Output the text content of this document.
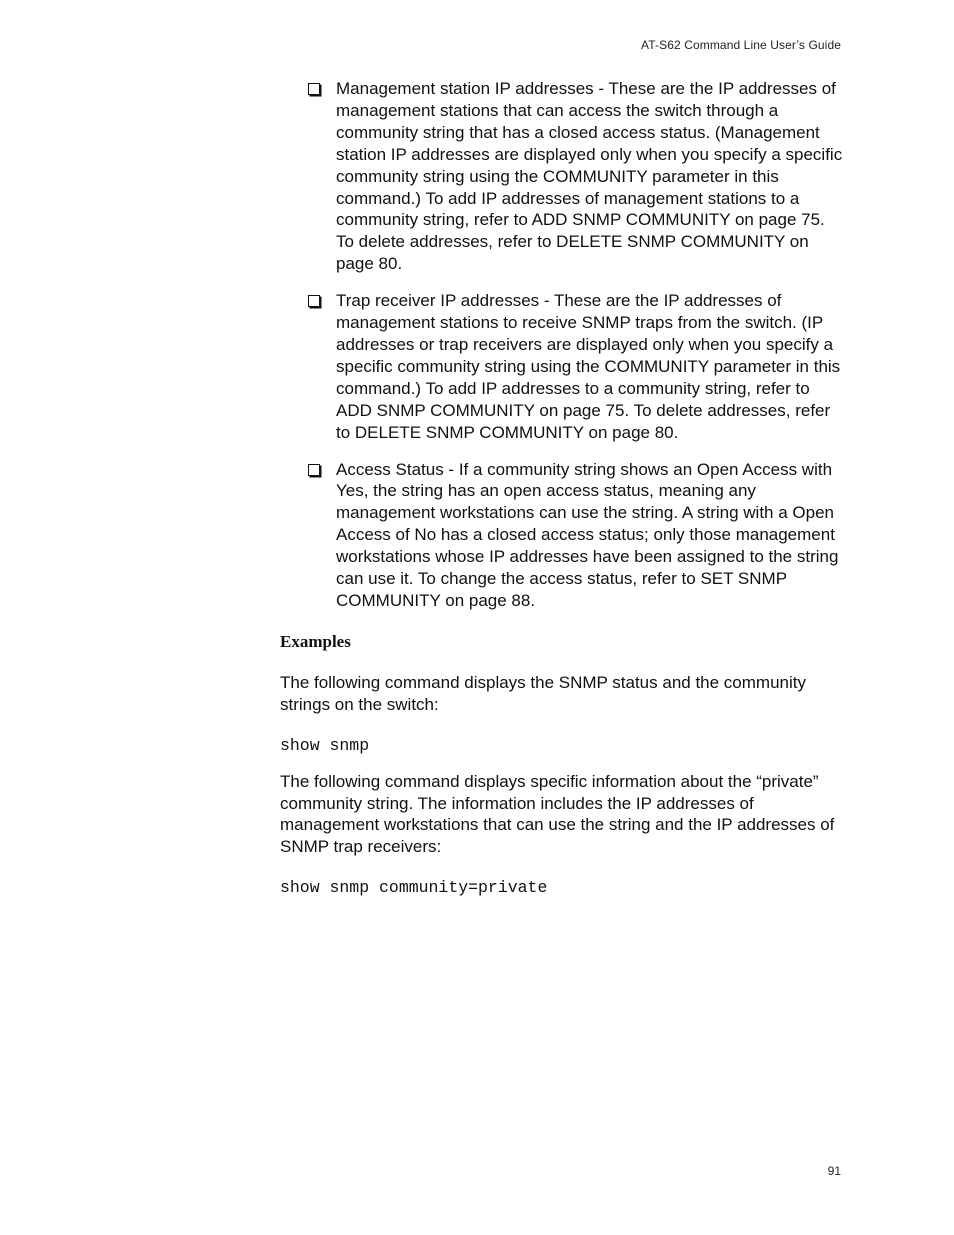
AT-S62 Command Line User’s Guide
Management station IP addresses - These are the IP addresses of management stations that can access the switch through a community string that has a closed access status. (Management station IP addresses are displayed only when you specify a specific community string using the COMMUNITY parameter in this command.) To add IP addresses of management stations to a community string, refer to ADD SNMP COMMUNITY on page 75. To delete addresses, refer to DELETE SNMP COMMUNITY on page 80.
Trap receiver IP addresses - These are the IP addresses of management stations to receive SNMP traps from the switch. (IP addresses or trap receivers are displayed only when you specify a specific community string using the COMMUNITY parameter in this command.) To add IP addresses to a community string, refer to ADD SNMP COMMUNITY on page 75. To delete addresses, refer to DELETE SNMP COMMUNITY on page 80.
Access Status - If a community string shows an Open Access with Yes, the string has an open access status, meaning any management workstations can use the string. A string with a Open Access of No has a closed access status; only those management workstations whose IP addresses have been assigned to the string can use it. To change the access status, refer to SET SNMP COMMUNITY on page 88.
Examples

The following command displays the SNMP status and the community strings on the switch:

show snmp

The following command displays specific information about the “private” community string. The information includes the IP addresses of management workstations that can use the string and the IP addresses of SNMP trap receivers:

show snmp community=private

91
